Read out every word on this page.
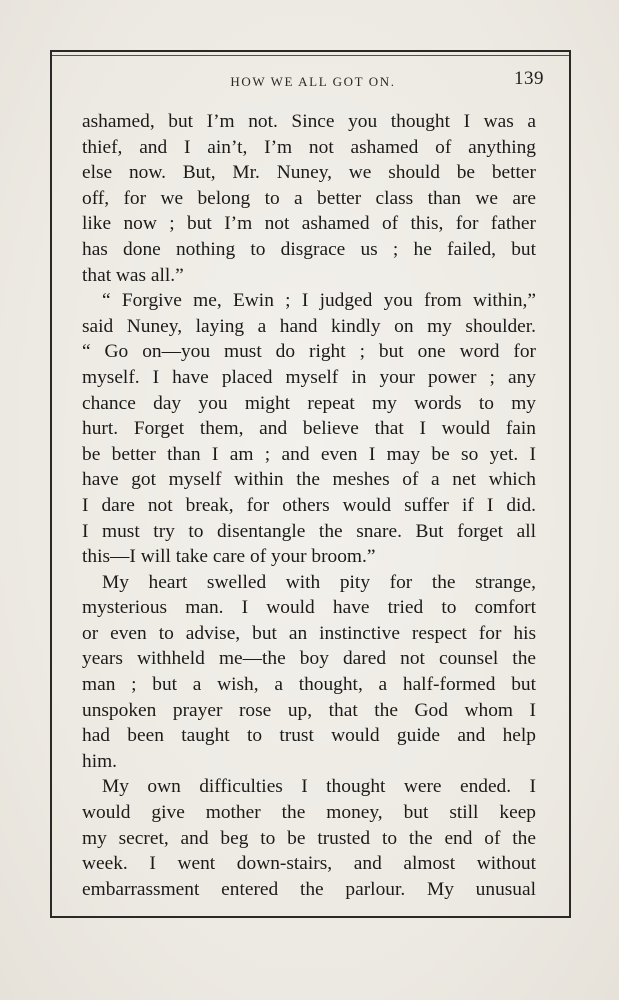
HOW WE ALL GOT ON.	139
ashamed, but I’m not. Since you thought I was a
thief, and I ain’t, I’m not ashamed of anything
else now. But, Mr. Nuney, we should be better
off, for we belong to a better class than we are
like now ; but I’m not ashamed of this, for father
has done nothing to disgrace us ; he failed, but
that was all.”
“ Forgive me, Ewin ; I judged you from within,”
said Nuney, laying a hand kindly on my shoulder.
“ Go on—you must do right ; but one word for
myself. I have placed myself in your power ; any
chance day you might repeat my words to my
hurt. Forget them, and believe that I would fain
be better than I am ; and even I may be so yet. I
have got myself within the meshes of a net which
I dare not break, for others would suffer if I did.
I must try to disentangle the snare. But forget all
this—I will take care of your broom.”
My heart swelled with pity for the strange,
mysterious man. I would have tried to comfort
or even to advise, but an instinctive respect for his
years withheld me—the boy dared not counsel the
man ; but a wish, a thought, a half-formed but
unspoken prayer rose up, that the God whom I
had been taught to trust would guide and help
him.
My own difficulties I thought were ended. I
would give mother the money, but still keep
my secret, and beg to be trusted to the end of the
week. I went down-stairs, and almost without
embarrassment entered the parlour. My unusual
